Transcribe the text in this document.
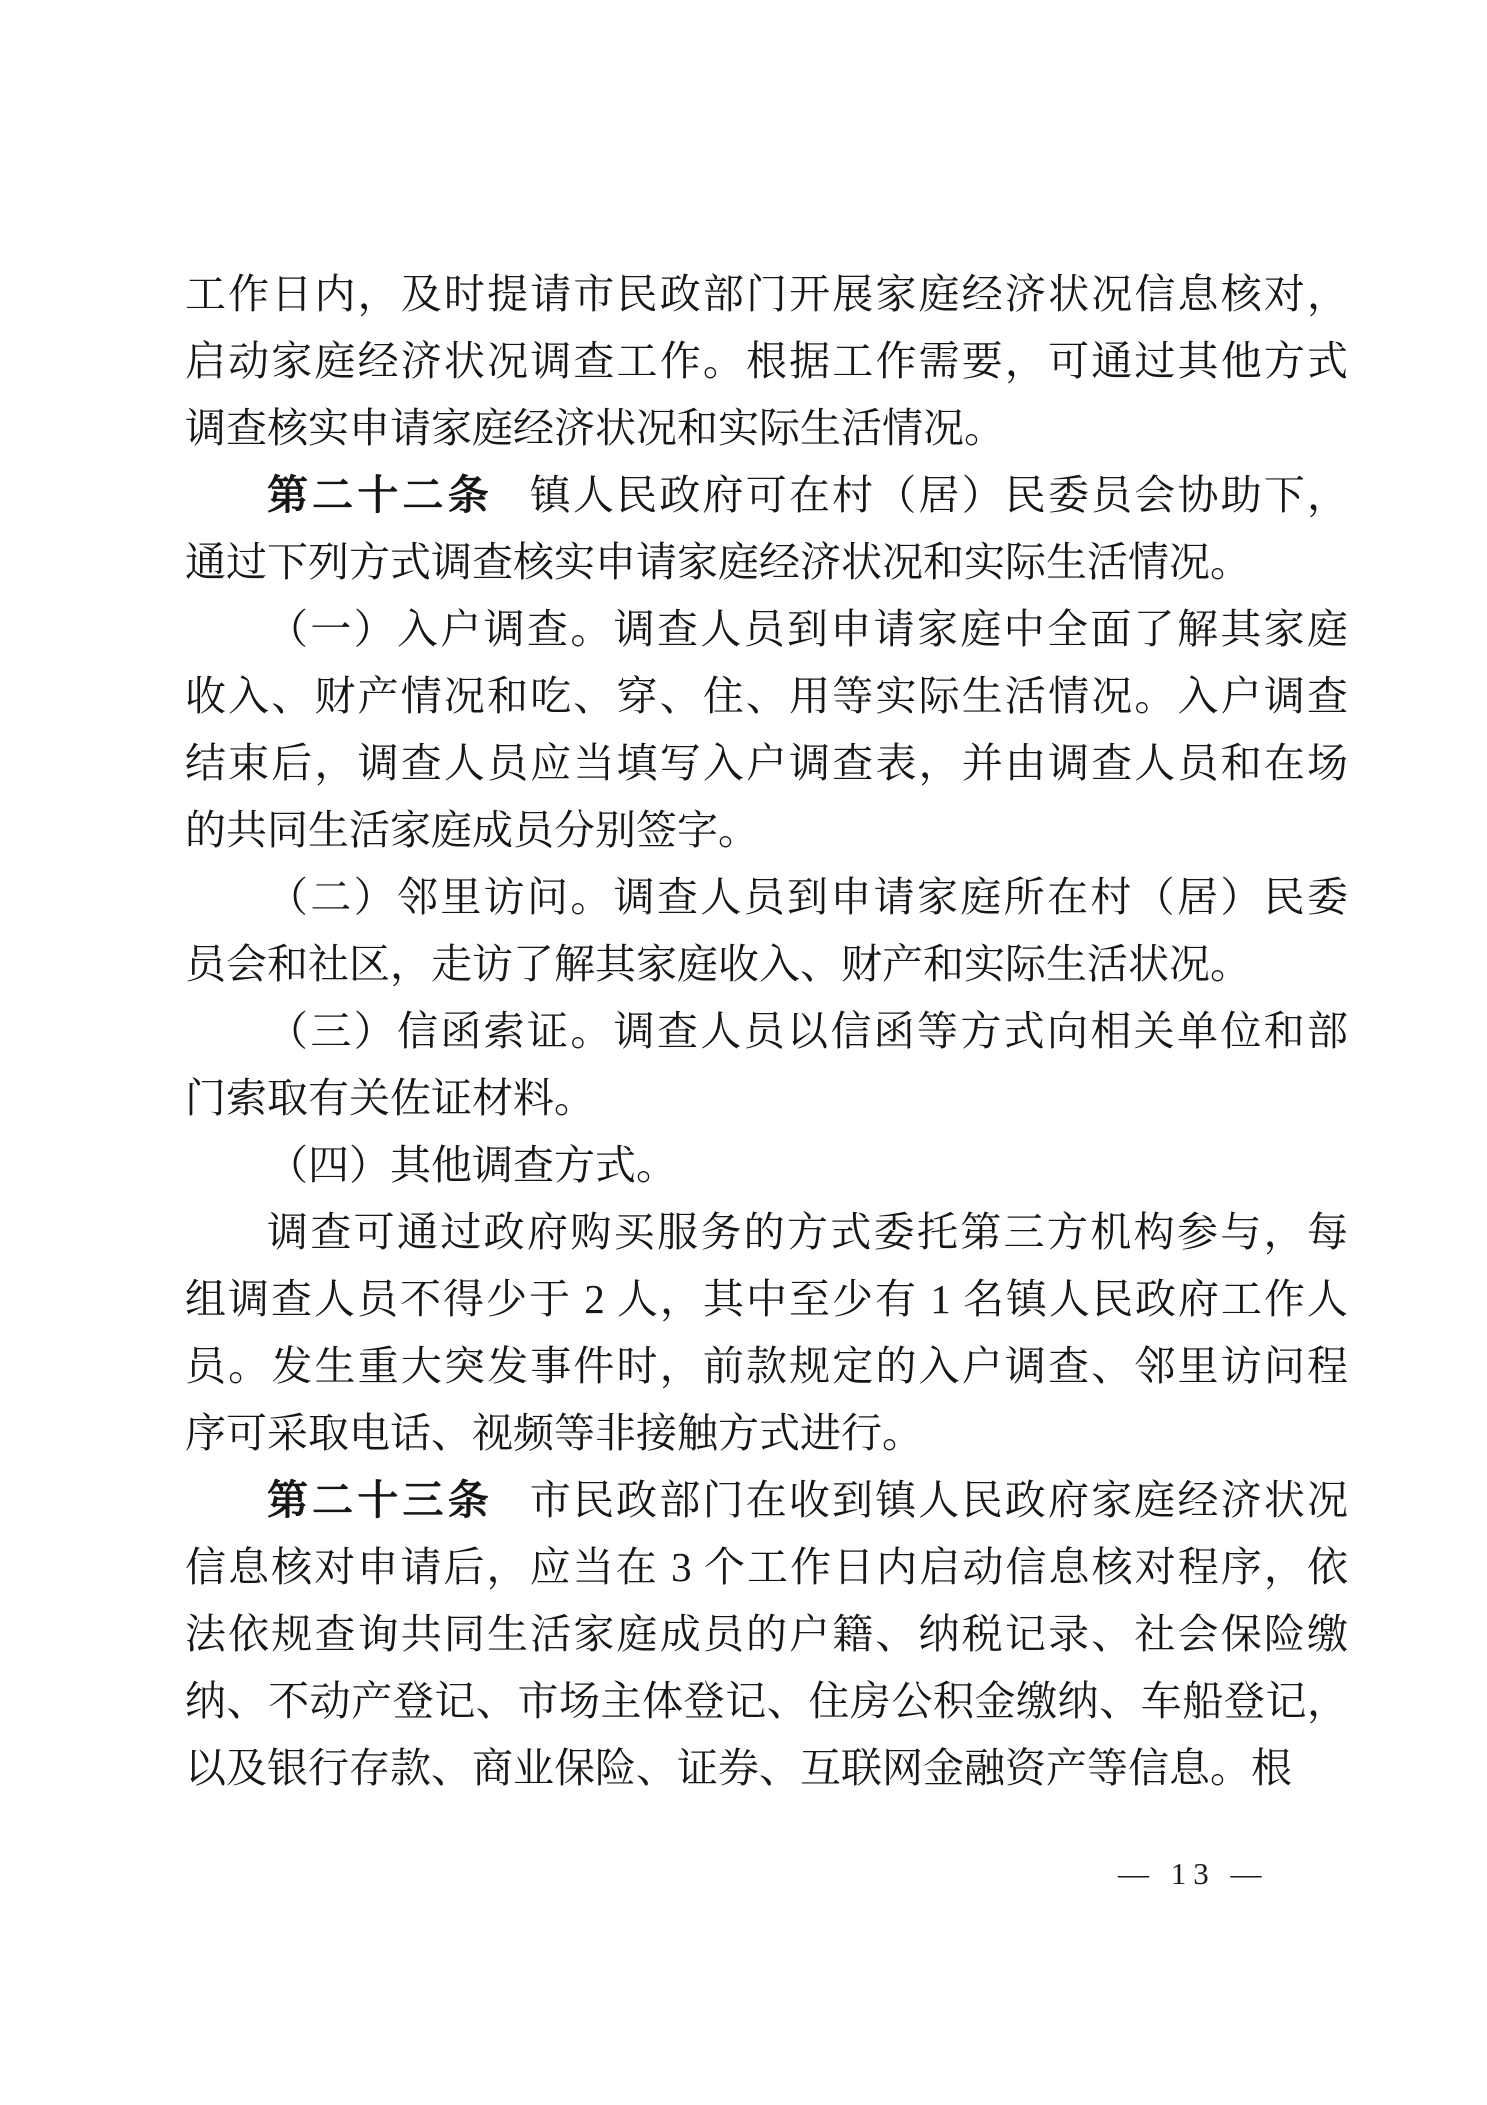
工作日内，及时提请市民政部门开展家庭经济状况信息核对，
启动家庭经济状况调查工作。根据工作需要，可通过其他方式
调查核实申请家庭经济状况和实际生活情况。
第二十二条 镇人民政府可在村（居）民委员会协助下，
通过下列方式调查核实申请家庭经济状况和实际生活情况。
（一）入户调查。调查人员到申请家庭中全面了解其家庭
收入、财产情况和吃、穿、住、用等实际生活情况。入户调查
结束后，调查人员应当填写入户调查表，并由调查人员和在场
的共同生活家庭成员分别签字。
（二）邻里访问。调查人员到申请家庭所在村（居）民委
员会和社区，走访了解其家庭收入、财产和实际生活状况。
（三）信函索证。调查人员以信函等方式向相关单位和部
门索取有关佐证材料。
（四）其他调查方式。
调查可通过政府购买服务的方式委托第三方机构参与，每
组调查人员不得少于 2 人，其中至少有 1 名镇人民政府工作人
员。发生重大突发事件时，前款规定的入户调查、邻里访问程
序可采取电话、视频等非接触方式进行。
第二十三条 市民政部门在收到镇人民政府家庭经济状况
信息核对申请后，应当在 3 个工作日内启动信息核对程序，依
法依规查询共同生活家庭成员的户籍、纳税记录、社会保险缴
纳、不动产登记、市场主体登记、住房公积金缴纳、车船登记，
以及银行存款、商业保险、证券、互联网金融资产等信息。根
— 13 —
